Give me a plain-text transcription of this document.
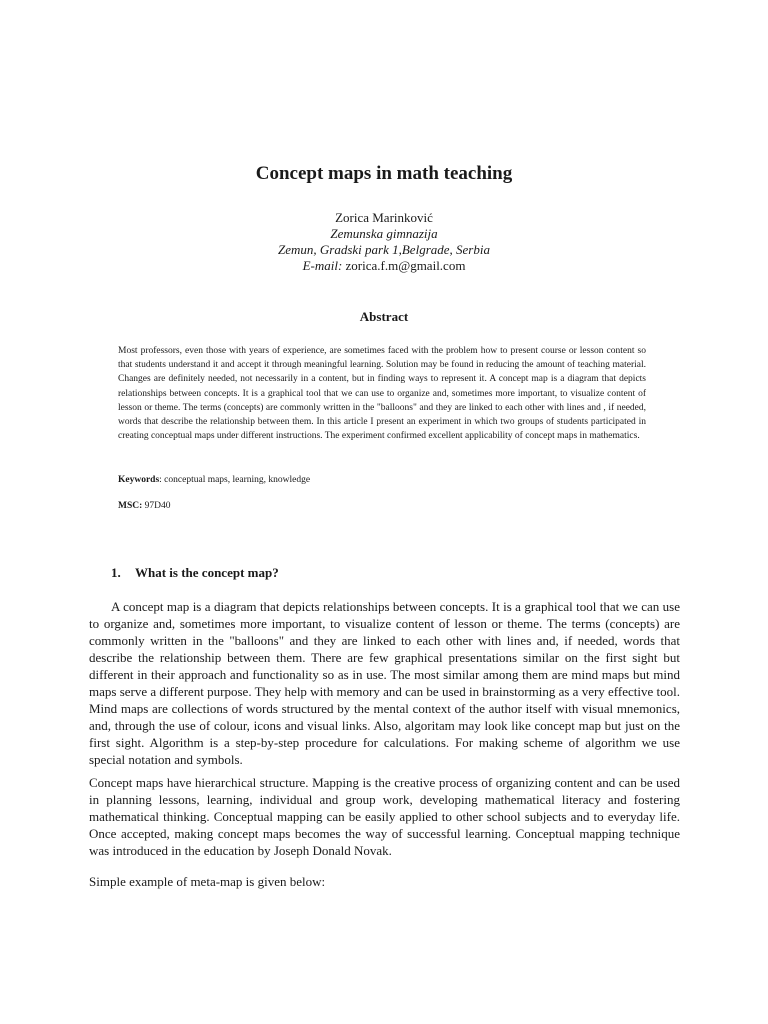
Concept maps in math teaching
Zorica Marinković
Zemunska gimnazija
Zemun, Gradski park 1,Belgrade, Serbia
E-mail: zorica.f.m@gmail.com
Abstract
Most professors, even those with years of experience, are sometimes faced with the problem how to present course or lesson content so that students understand it and accept it through meaningful learning. Solution may be found in reducing the amount of teaching material. Changes are definitely needed, not necessarily in a content, but in finding ways to represent it. A concept map is a diagram that depicts relationships between concepts. It is a graphical tool that we can use to organize and, sometimes more important, to visualize content of lesson or theme. The terms (concepts) are commonly written in the "balloons" and they are linked to each other with lines and , if needed, words that describe the relationship between them. In this article I present an experiment in which two groups of students participated in creating conceptual maps under different instructions. The experiment confirmed excellent applicability of concept maps in mathematics.
Keywords: conceptual maps, learning, knowledge
MSC: 97D40
1. What is the concept map?
A concept map is a diagram that depicts relationships between concepts. It is a graphical tool that we can use to organize and, sometimes more important, to visualize content of lesson or theme. The terms (concepts) are commonly written in the "balloons" and they are linked to each other with lines and, if needed, words that describe the relationship between them. There are few graphical presentations similar on the first sight but different in their approach and functionality so as in use. The most similar among them are mind maps but mind maps serve a different purpose. They help with memory and can be used in brainstorming as a very effective tool. Mind maps are collections of words structured by the mental context of the author itself with visual mnemonics, and, through the use of colour, icons and visual links. Also, algoritam may look like concept map but just on the first sight. Algorithm is a step-by-step procedure for calculations. For making scheme of algorithm we use special notation and symbols.
Concept maps have hierarchical structure. Mapping is the creative process of organizing content and can be used in planning lessons, learning, individual and group work, developing mathematical literacy and fostering mathematical thinking. Conceptual mapping can be easily applied to other school subjects and to everyday life. Once accepted, making concept maps becomes the way of successful learning. Conceptual mapping technique was introduced in the education by Joseph Donald Novak.
Simple example of meta-map is given below:
